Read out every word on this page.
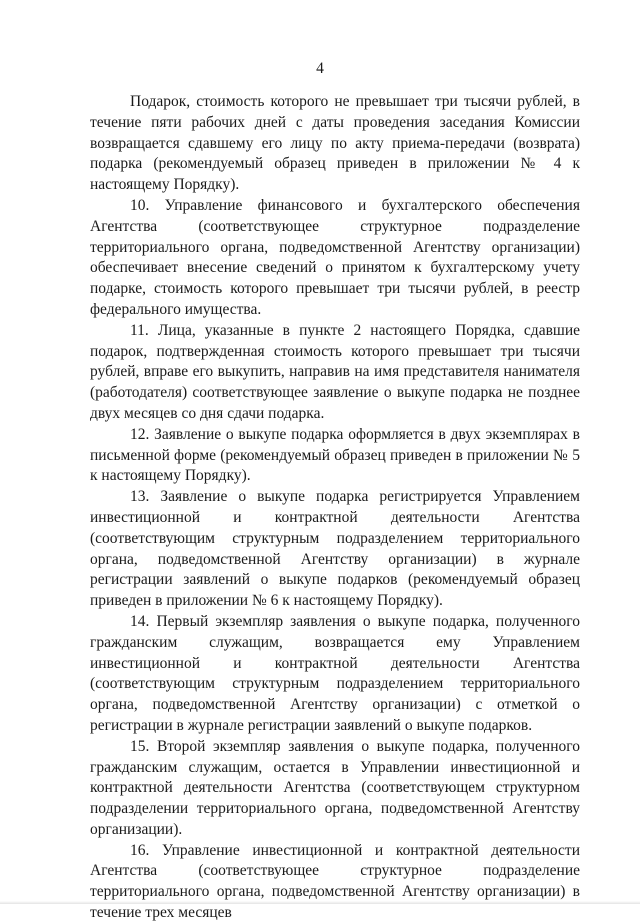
4

Подарок, стоимость которого не превышает три тысячи рублей, в течение пяти рабочих дней с даты проведения заседания Комиссии возвращается сдавшему его лицу по акту приема-передачи (возврата) подарка (рекомендуемый образец приведен в приложении № 4 к настоящему Порядку).

10. Управление финансового и бухгалтерского обеспечения Агентства (соответствующее структурное подразделение территориального органа, подведомственной Агентству организации) обеспечивает внесение сведений о принятом к бухгалтерскому учету подарке, стоимость которого превышает три тысячи рублей, в реестр федерального имущества.

11. Лица, указанные в пункте 2 настоящего Порядка, сдавшие подарок, подтвержденная стоимость которого превышает три тысячи рублей, вправе его выкупить, направив на имя представителя нанимателя (работодателя) соответствующее заявление о выкупе подарка не позднее двух месяцев со дня сдачи подарка.

12. Заявление о выкупе подарка оформляется в двух экземплярах в письменной форме (рекомендуемый образец приведен в приложении № 5 к настоящему Порядку).

13. Заявление о выкупе подарка регистрируется Управлением инвестиционной и контрактной деятельности Агентства (соответствующим структурным подразделением территориального органа, подведомственной Агентству организации) в журнале регистрации заявлений о выкупе подарков (рекомендуемый образец приведен в приложении № 6 к настоящему Порядку).

14. Первый экземпляр заявления о выкупе подарка, полученного гражданским служащим, возвращается ему Управлением инвестиционной и контрактной деятельности Агентства (соответствующим структурным подразделением территориального органа, подведомственной Агентству организации) с отметкой о регистрации в журнале регистрации заявлений о выкупе подарков.

15. Второй экземпляр заявления о выкупе подарка, полученного гражданским служащим, остается в Управлении инвестиционной и контрактной деятельности Агентства (соответствующем структурном подразделении территориального органа, подведомственной Агентству организации).

16. Управление инвестиционной и контрактной деятельности Агентства (соответствующее структурное подразделение территориального органа, подведомственной Агентству организации) в течение трех месяцев
